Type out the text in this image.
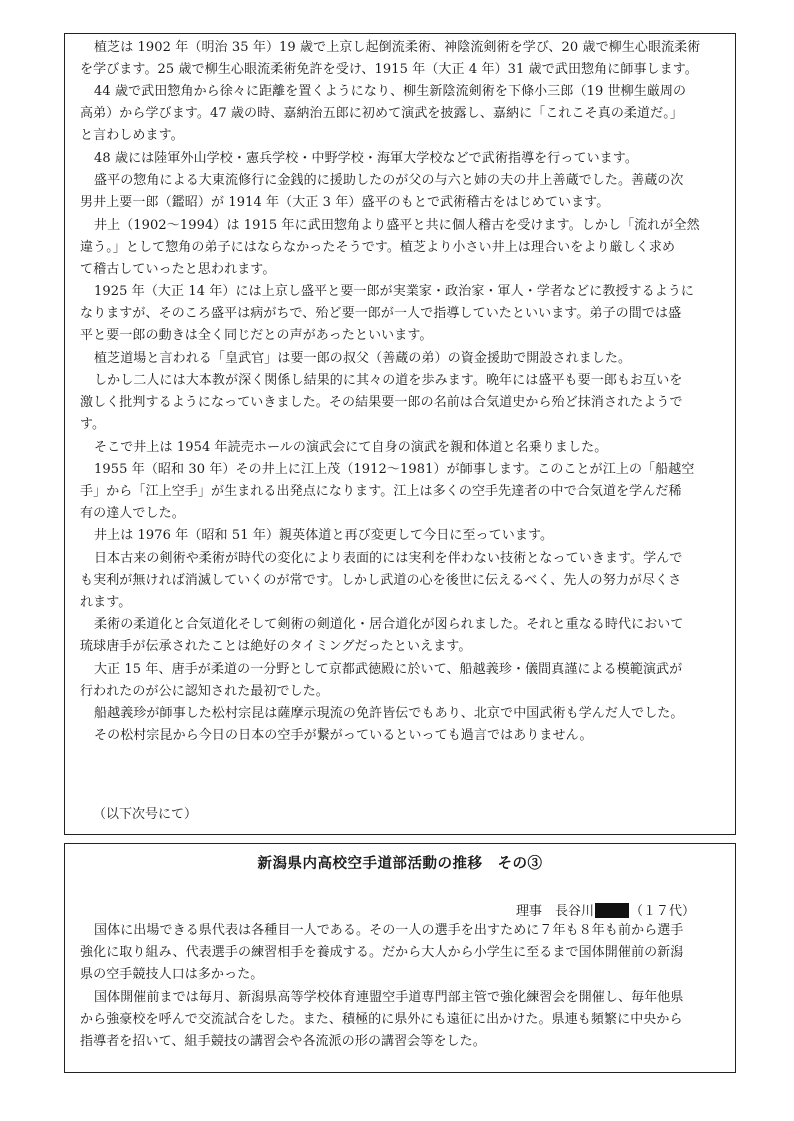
植芝は 1902 年（明治 35 年）19 歳で上京し起倒流柔術、神陰流剣術を学び、20 歳で柳生心眼流柔術
を学びます。25 歳で柳生心眼流柔術免許を受け、1915 年（大正 4 年）31 歳で武田惣角に師事します。
44 歳で武田惣角から徐々に距離を置くようになり、柳生新陰流剣術を下條小三郎（19 世柳生厳周の
高弟）から学びます。47 歳の時、嘉納治五郎に初めて演武を披露し、嘉納に「これこそ真の柔道だ。」
と言わしめます。
48 歳には陸軍外山学校・憲兵学校・中野学校・海軍大学校などで武術指導を行っています。
盛平の惣角による大東流修行に金銭的に援助したのが父の与六と姉の夫の井上善蔵でした。善蔵の次
男井上要一郎（鑑昭）が 1914 年（大正 3 年）盛平のもとで武術稽古をはじめています。
井上（1902～1994）は 1915 年に武田惣角より盛平と共に個人稽古を受けます。しかし「流れが全然
違う。」として惣角の弟子にはならなかったそうです。植芝より小さい井上は理合いをより厳しく求め
て稽古していったと思われます。
1925 年（大正 14 年）には上京し盛平と要一郎が実業家・政治家・軍人・学者などに教授するように
なりますが、そのころ盛平は病がちで、殆ど要一郎が一人で指導していたといいます。弟子の間では盛
平と要一郎の動きは全く同じだとの声があったといいます。
植芝道場と言われる「皇武官」は要一郎の叔父（善蔵の弟）の資金援助で開設されました。
しかし二人には大本教が深く関係し結果的に其々の道を歩みます。晩年には盛平も要一郎もお互いを
激しく批判するようになっていきました。その結果要一郎の名前は合気道史から殆ど抹消されたようで
す。
そこで井上は 1954 年読売ホールの演武会にて自身の演武を親和体道と名乗りました。
1955 年（昭和 30 年）その井上に江上茂（1912～1981）が師事します。このことが江上の「船越空
手」から「江上空手」が生まれる出発点になります。江上は多くの空手先達者の中で合気道を学んだ稀
有の達人でした。
井上は 1976 年（昭和 51 年）親英体道と再び変更して今日に至っています。
日本古来の剣術や柔術が時代の変化により表面的には実利を伴わない技術となっていきます。学んで
も実利が無ければ消滅していくのが常です。しかし武道の心を後世に伝えるべく、先人の努力が尽くさ
れます。
柔術の柔道化と合気道化そして剣術の剣道化・居合道化が図られました。それと重なる時代において
琉球唐手が伝承されたことは絶好のタイミングだったといえます。
大正 15 年、唐手が柔道の一分野として京都武徳殿に於いて、船越義珍・儀間真謹による模範演武が
行われたのが公に認知された最初でした。
船越義珍が師事した松村宗昆は薩摩示現流の免許皆伝でもあり、北京で中国武術も学んだ人でした。
その松村宗昆から今日の日本の空手が繋がっているといっても過言ではありません。
（以下次号にて）
新潟県内高校空手道部活動の推移　その③
理事　長谷川	（１７代）
国体に出場できる県代表は各種目一人である。その一人の選手を出すために７年も８年も前から選手
強化に取り組み、代表選手の練習相手を養成する。だから大人から小学生に至るまで国体開催前の新潟
県の空手競技人口は多かった。
国体開催前までは毎月、新潟県高等学校体育連盟空手道専門部主管で強化練習会を開催し、毎年他県
から強豪校を呼んで交流試合をした。また、積極的に県外にも遠征に出かけた。県連も頻繁に中央から
指導者を招いて、組手競技の講習会や各流派の形の講習会等をした。
